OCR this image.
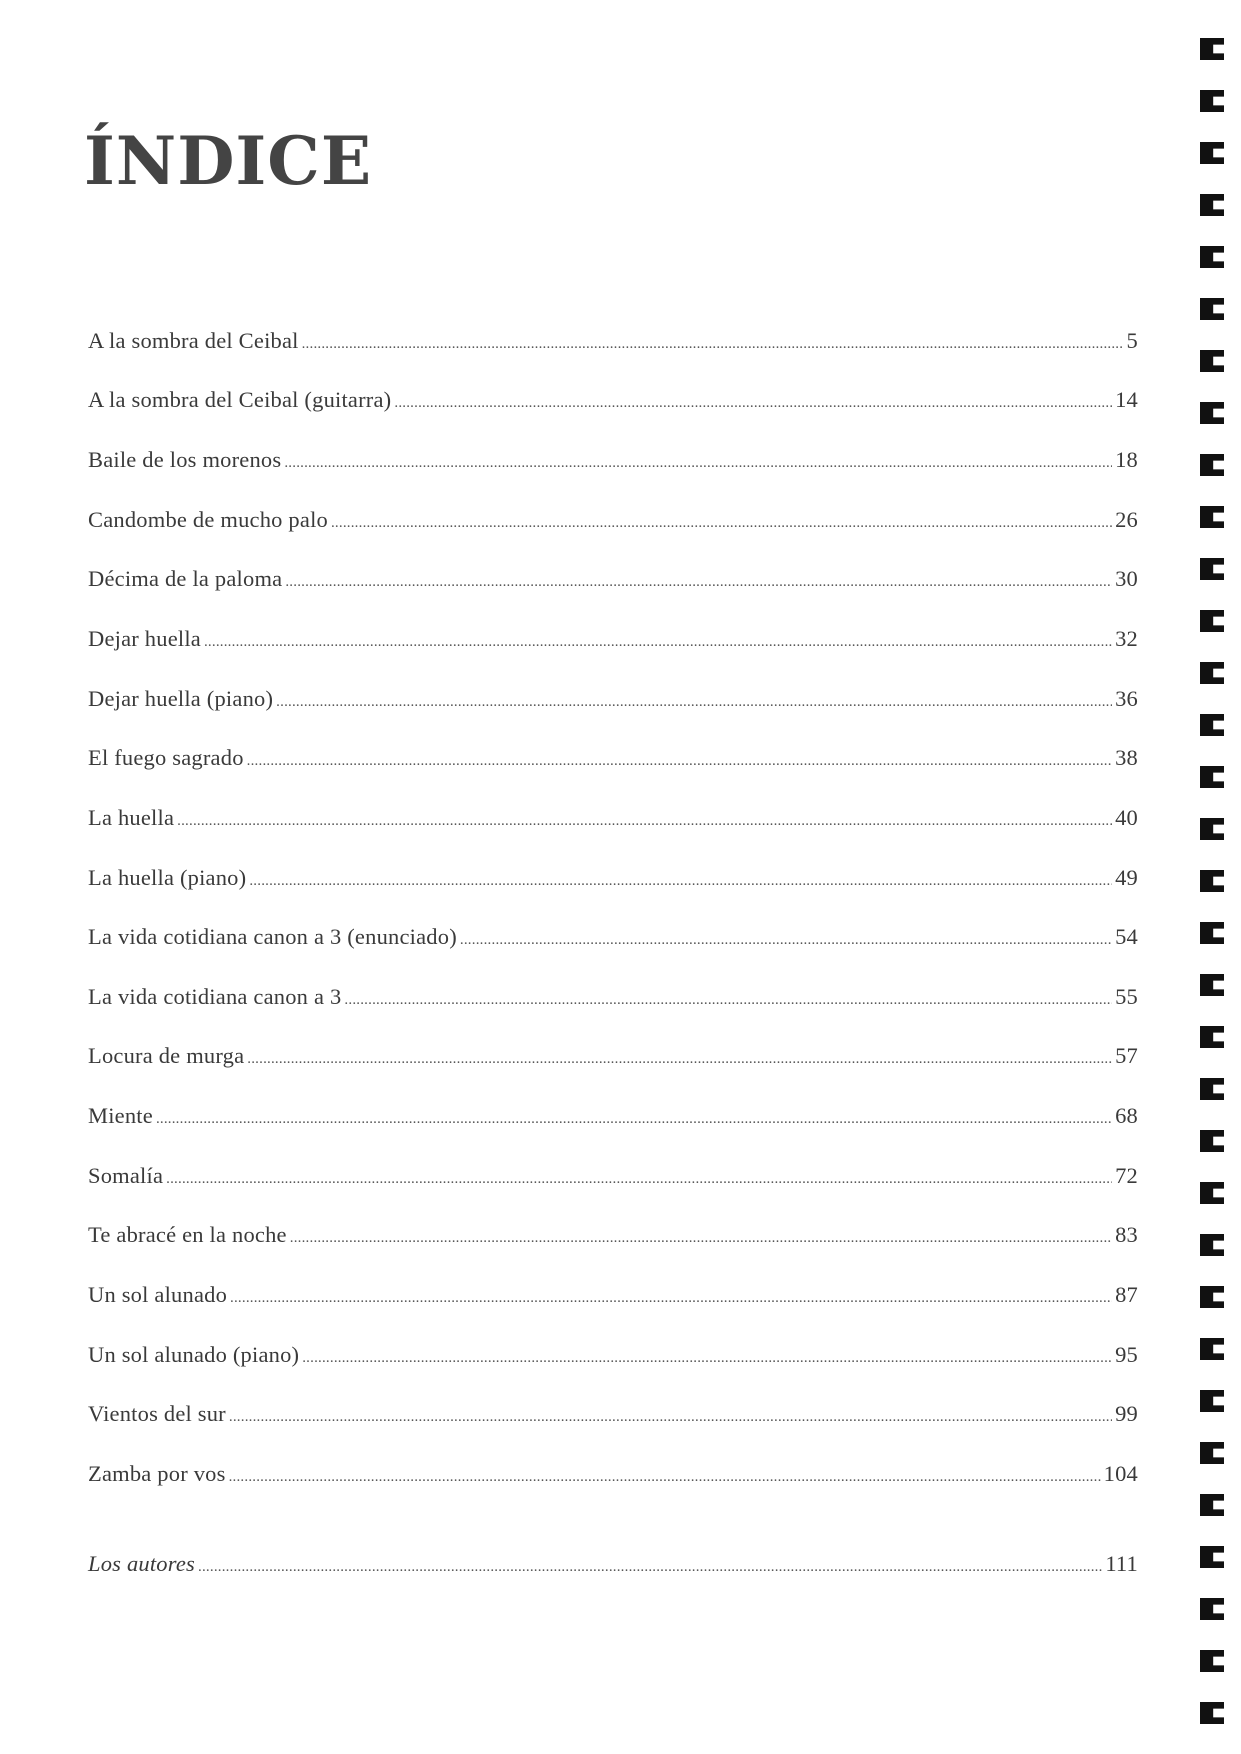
ÍNDICE
A la sombra del Ceibal .....	5
A la sombra del Ceibal (guitarra) .....	14
Baile de los morenos .....	18
Candombe de mucho palo .....	26
Décima de la paloma .....	30
Dejar huella .....	32
Dejar huella (piano) .....	36
El fuego sagrado .....	38
La huella .....	40
La huella (piano) .....	49
La vida cotidiana canon a 3 (enunciado) .....	54
La vida cotidiana canon a 3 .....	55
Locura de murga .....	57
Miente .....	68
Somalía .....	72
Te abracé en la noche .....	83
Un sol alunado .....	87
Un sol alunado (piano) .....	95
Vientos del sur .....	99
Zamba por vos .....	104
Los autores .....	111
